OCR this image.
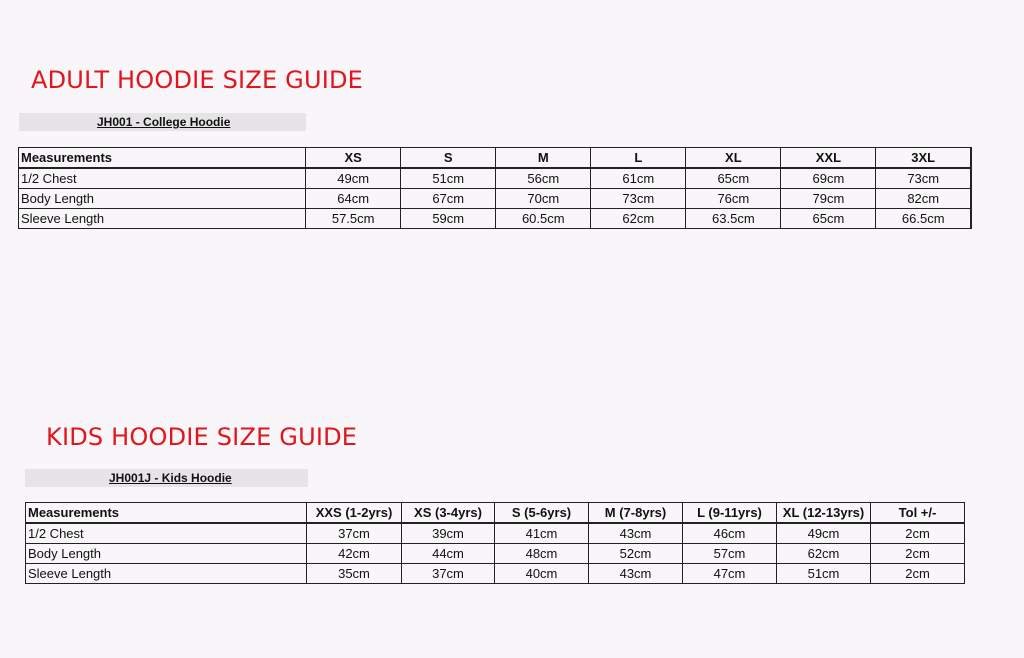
ADULT HOODIE SIZE GUIDE
JH001 - College Hoodie
Measurements	XS	S	M	L	XL	XXL	3XL
1/2 Chest	49cm	51cm	56cm	61cm	65cm	69cm	73cm
Body Length	64cm	67cm	70cm	73cm	76cm	79cm	82cm
Sleeve Length	57.5cm	59cm	60.5cm	62cm	63.5cm	65cm	66.5cm
KIDS HOODIE SIZE GUIDE
JH001J - Kids Hoodie
Measurements	XXS (1-2yrs)	XS (3-4yrs)	S (5-6yrs)	M (7-8yrs)	L (9-11yrs)	XL (12-13yrs)	Tol +/-
1/2 Chest	37cm	39cm	41cm	43cm	46cm	49cm	2cm
Body Length	42cm	44cm	48cm	52cm	57cm	62cm	2cm
Sleeve Length	35cm	37cm	40cm	43cm	47cm	51cm	2cm
